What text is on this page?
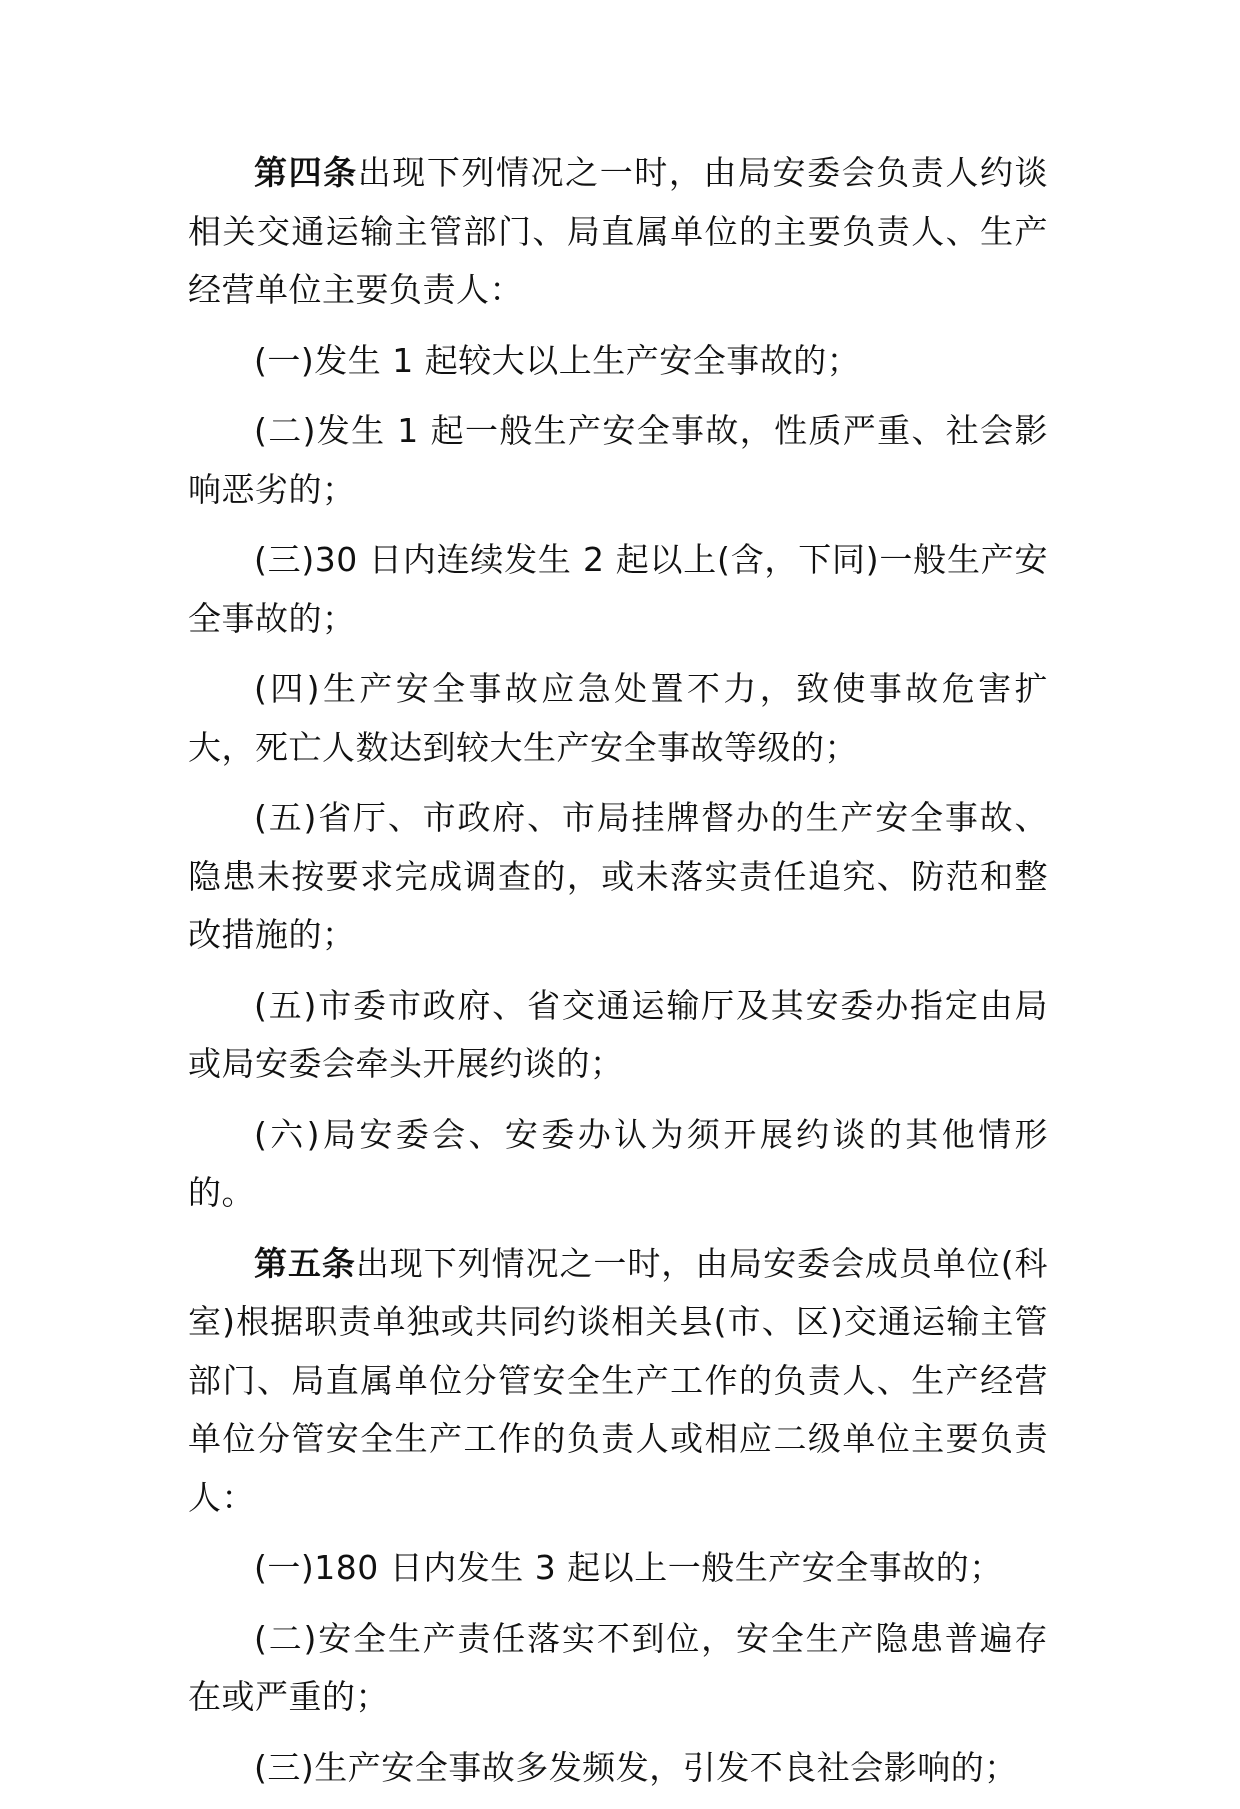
第四条出现下列情况之一时，由局安委会负责人约谈相关交通运输主管部门、局直属单位的主要负责人、生产经营单位主要负责人：

(一)发生 1 起较大以上生产安全事故的；

(二)发生 1 起一般生产安全事故，性质严重、社会影响恶劣的；

(三)30 日内连续发生 2 起以上(含，下同)一般生产安全事故的；

(四)生产安全事故应急处置不力，致使事故危害扩大，死亡人数达到较大生产安全事故等级的；

(五)省厅、市政府、市局挂牌督办的生产安全事故、隐患未按要求完成调查的，或未落实责任追究、防范和整改措施的；

(五)市委市政府、省交通运输厅及其安委办指定由局或局安委会牵头开展约谈的；

(六)局安委会、安委办认为须开展约谈的其他情形的。

第五条出现下列情况之一时，由局安委会成员单位(科室)根据职责单独或共同约谈相关县(市、区)交通运输主管部门、局直属单位分管安全生产工作的负责人、生产经营单位分管安全生产工作的负责人或相应二级单位主要负责人：

(一)180 日内发生 3 起以上一般生产安全事故的；

(二)安全生产责任落实不到位，安全生产隐患普遍存在或严重的；

(三)生产安全事故多发频发，引发不良社会影响的；
